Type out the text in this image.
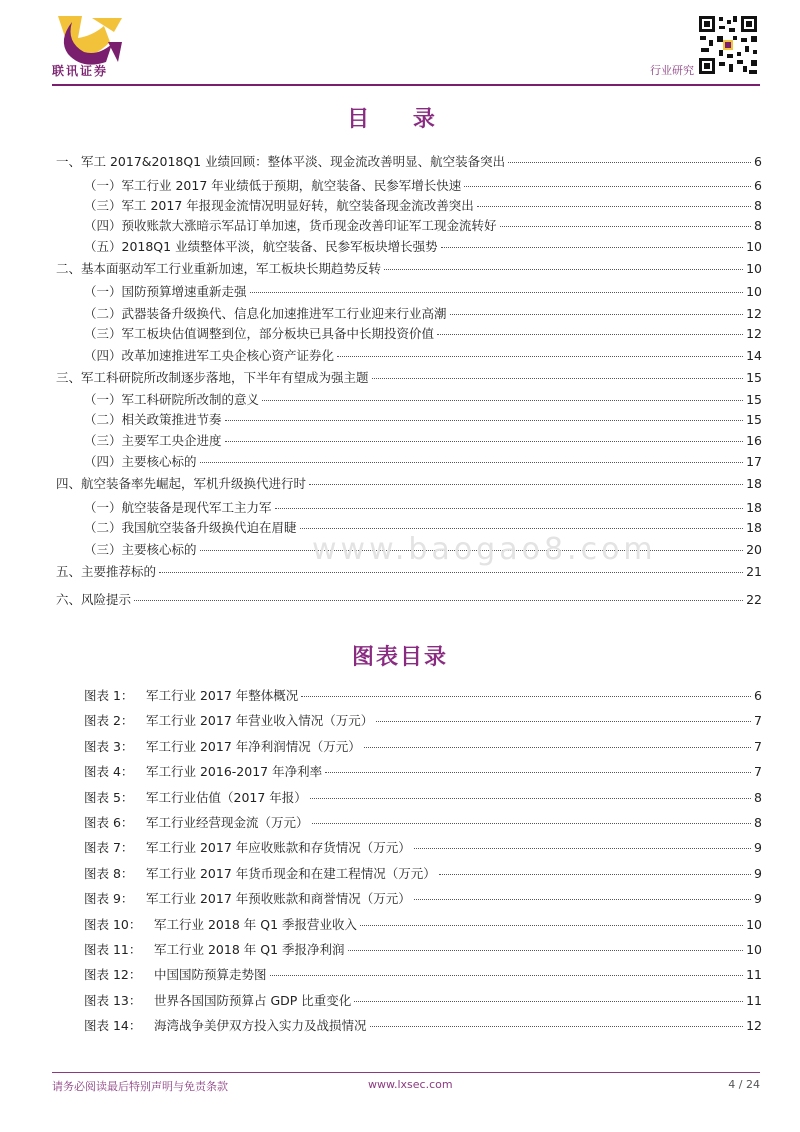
联讯证券	行业研究
目 录
一、军工 2017&2018Q1 业绩回顾：整体平淡、现金流改善明显、航空装备突出	6
（一）军工行业 2017 年业绩低于预期，航空装备、民参军增长快速	6
（三）军工 2017 年报现金流情况明显好转，航空装备现金流改善突出	8
（四）预收账款大涨暗示军品订单加速，货币现金改善印证军工现金流转好	8
（五）2018Q1 业绩整体平淡，航空装备、民参军板块增长强势	10
二、基本面驱动军工行业重新加速，军工板块长期趋势反转	10
（一）国防预算增速重新走强	10
（二）武器装备升级换代、信息化加速推进军工行业迎来行业高潮	12
（三）军工板块估值调整到位，部分板块已具备中长期投资价值	12
（四）改革加速推进军工央企核心资产证券化	14
三、军工科研院所改制逐步落地，下半年有望成为强主题	15
（一）军工科研院所改制的意义	15
（二）相关政策推进节奏	15
（三）主要军工央企进度	16
（四）主要核心标的	17
四、航空装备率先崛起，军机升级换代进行时	18
（一）航空装备是现代军工主力军	18
（二）我国航空装备升级换代迫在眉睫	18
（三）主要核心标的	20
五、主要推荐标的	21
六、风险提示	22
www.baogao8.com
图表目录
图表 1：	军工行业 2017 年整体概况	6
图表 2：	军工行业 2017 年营业收入情况（万元）	7
图表 3：	军工行业 2017 年净利润情况（万元）	7
图表 4：	军工行业 2016-2017 年净利率	7
图表 5：	军工行业估值（2017 年报）	8
图表 6：	军工行业经营现金流（万元）	8
图表 7：	军工行业 2017 年应收账款和存货情况（万元）	9
图表 8：	军工行业 2017 年货币现金和在建工程情况（万元）	9
图表 9：	军工行业 2017 年预收账款和商誉情况（万元）	9
图表 10：	军工行业 2018 年 Q1 季报营业收入	10
图表 11：	军工行业 2018 年 Q1 季报净利润	10
图表 12：	中国国防预算走势图	11
图表 13：	世界各国国防预算占 GDP 比重变化	11
图表 14：	海湾战争美伊双方投入实力及战损情况	12
请务必阅读最后特别声明与免责条款	www.lxsec.com	4 / 24
